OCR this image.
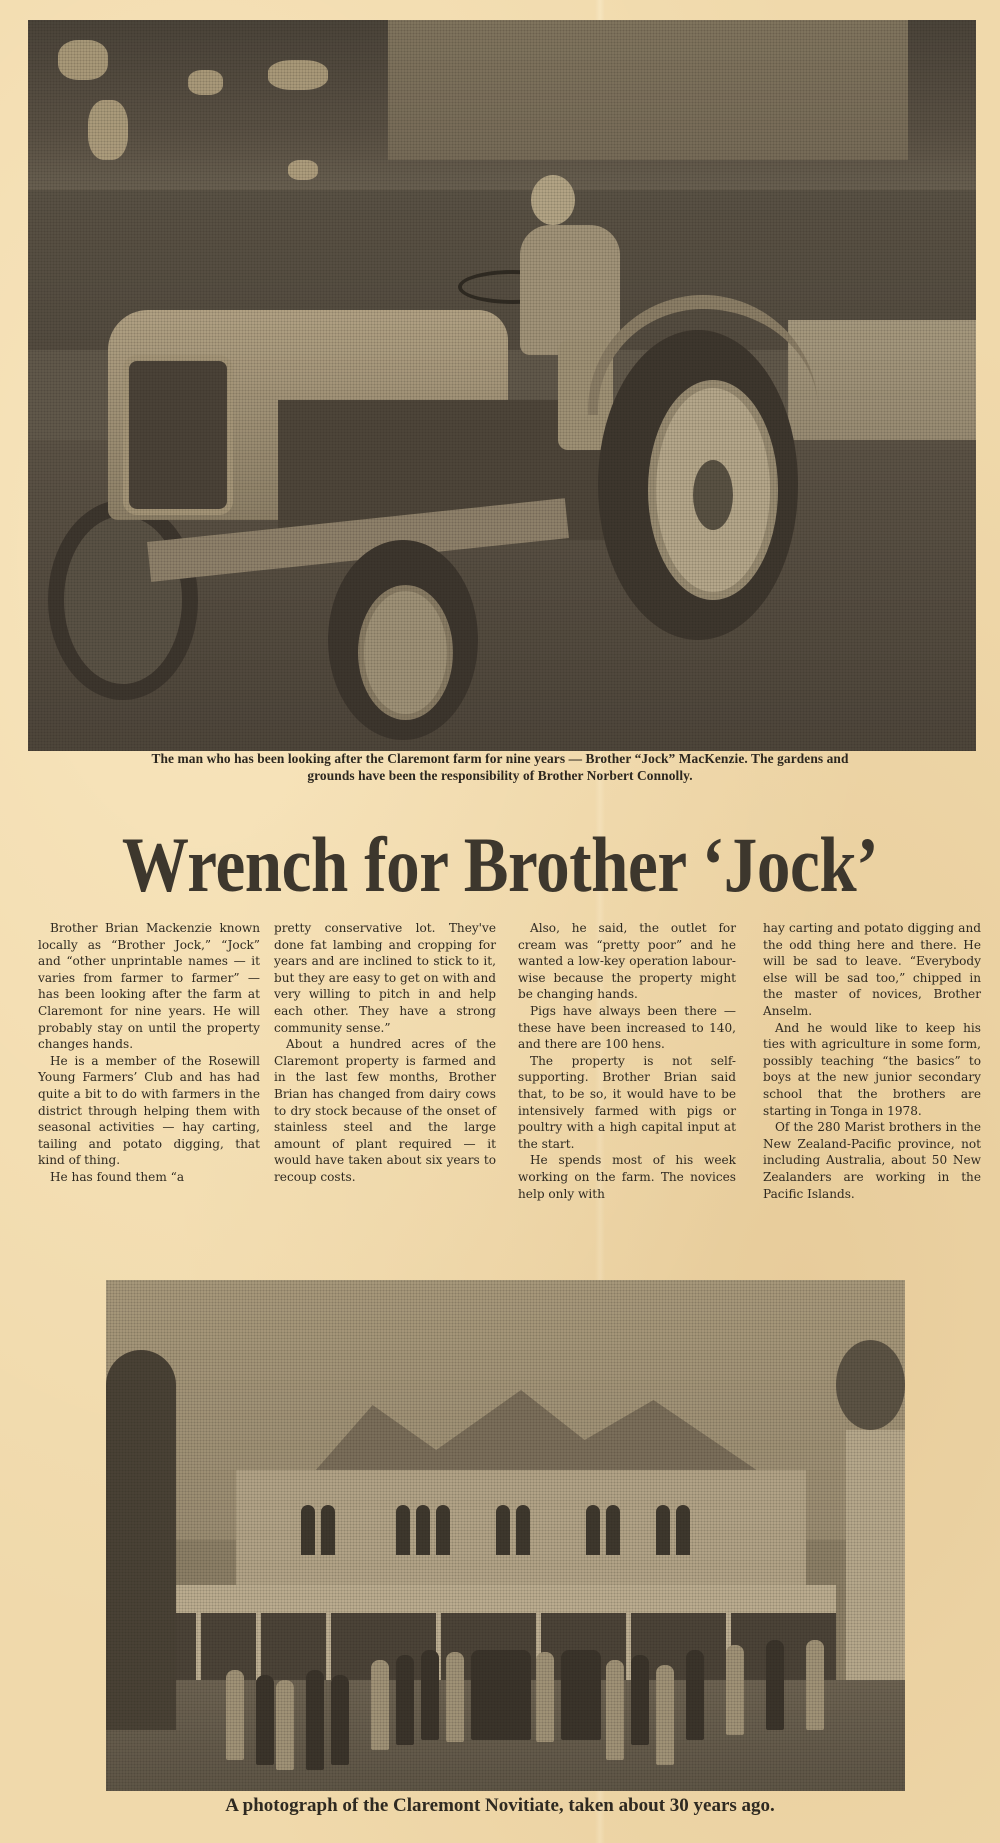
The man who has been looking after the Claremont farm for nine years — Brother “Jock” MacKenzie. The gardens and grounds have been the responsibility of Brother Norbert Connolly.
Wrench for Brother ‘Jock’

Brother Brian Mackenzie known locally as “Brother Jock,” “Jock” and “other unprintable names — it varies from farmer to farmer” — has been looking after the farm at Claremont for nine years. He will probably stay on until the property changes hands.

He is a member of the Rosewill Young Farmers’ Club and has had quite a bit to do with farmers in the district through helping them with seasonal activities — hay carting, tailing and potato digging, that kind of thing.

He has found them “a

pretty conservative lot. They've done fat lambing and cropping for years and are inclined to stick to it, but they are easy to get on with and very willing to pitch in and help each other. They have a strong community sense.”

About a hundred acres of the Claremont property is farmed and in the last few months, Brother Brian has changed from dairy cows to dry stock because of the onset of stainless steel and the large amount of plant required — it would have taken about six years to recoup costs.

Also, he said, the outlet for cream was “pretty poor” and he wanted a low-key operation labour-wise because the property might be changing hands.

Pigs have always been there — these have been increased to 140, and there are 100 hens.

The property is not self-supporting. Brother Brian said that, to be so, it would have to be intensively farmed with pigs or poultry with a high capital input at the start.

He spends most of his week working on the farm. The novices help only with

hay carting and potato digging and the odd thing here and there. He will be sad to leave. “Everybody else will be sad too,” chipped in the master of novices, Brother Anselm.

And he would like to keep his ties with agriculture in some form, possibly teaching “the basics” to boys at the new junior secondary school that the brothers are starting in Tonga in 1978.

Of the 280 Marist brothers in the New Zealand-Pacific province, not including Australia, about 50 New Zealanders are working in the Pacific Islands.

A photograph of the Claremont Novitiate, taken about 30 years ago.
